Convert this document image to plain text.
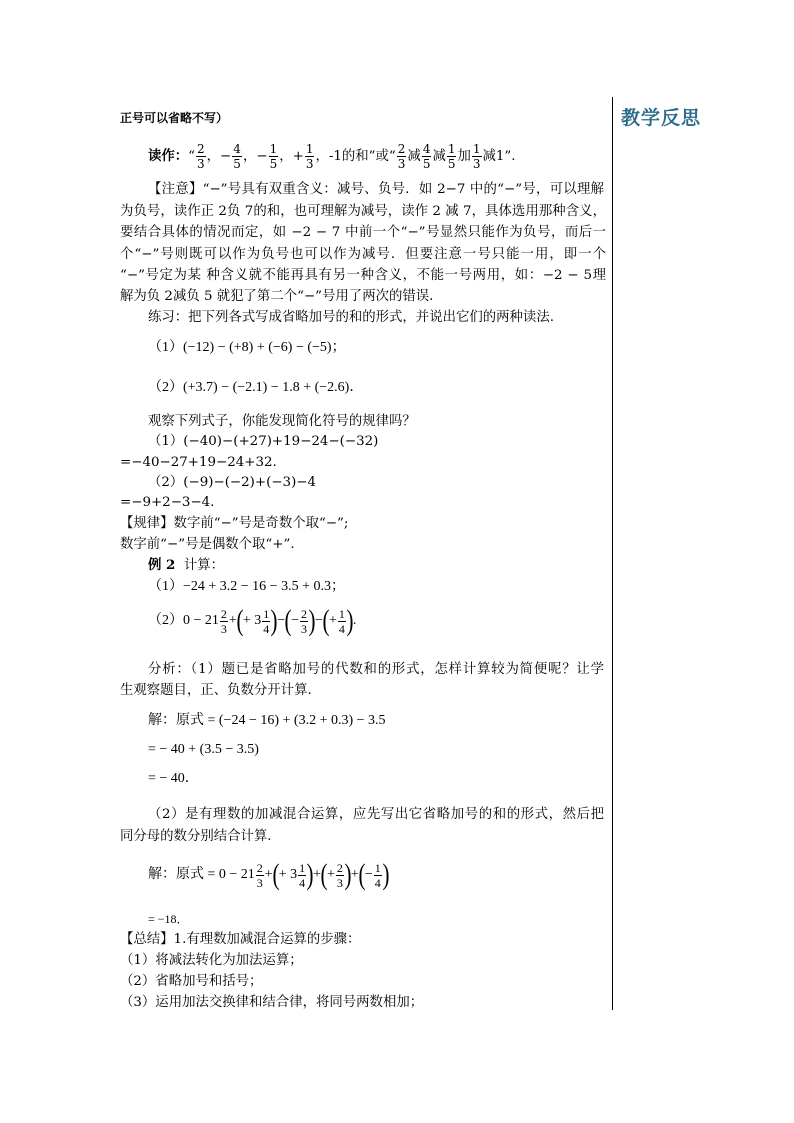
教学反思
正号可以省略不写）
读作：“ $\frac{2}{3}$ ，− $\frac{4}{5}$ ，− $\frac{1}{5}$ ，+ $\frac{1}{3}$ ，-1的和”或“ $\frac{2}{3}$ 减 $\frac{4}{5}$ 减 $\frac{1}{5}$ 加 $\frac{1}{3}$ 减1”.
【注意】“−”号具有双重含义：减号、负号．如 2−7 中的“−”号，可以理解
为负号，读作正 2负 7的和，也可理解为减号，读作 2 减 7，具体选用那种含义，
要结合具体的情况而定，如 −2 − 7 中前一个“−”号显然只能作为负号，而后一
个“−”号则既可以作为负号也可以作为减号．但要注意一号只能一用，即一个
“−”号定为某 种含义就不能再具有另一种含义，不能一号两用，如：−2 − 5理
解为负 2减负 5 就犯了第二个“−”号用了两次的错误.
练习：把下列各式写成省略加号的和的形式，并说出它们的两种读法.
（1）(−12) − (+8) + (−6) − (−5)；
（2）(+3.7) − (−2.1) − 1.8 + (−2.6)．
观察下列式子，你能发现简化符号的规律吗？
（1）(−40)−(+27)+19−24−(−32)
=−40−27+19−24+32.
（2）(−9)−(−2)+(−3)−4
=−9+2−3−4.
【规律】数字前“−”号是奇数个取“−”;
数字前“−”号是偶数个取“+”.
例 2 计算：
（1）−24 + 3.2 − 16 − 3.5 + 0.3；
$(2)0 - 21 \frac{2}{3}$ +(+ $3 \frac{1}{4}$ )−(− $\frac{2}{3}$ )−(+ $\frac{1}{4}$ ).
分析：（1）题已是省略加号的代数和的形式，怎样计算较为简便呢？让学
生观察题目，正、负数分开计算.
解：原式 = (−24 − 16) + (3.2 + 0.3) − 3.5
= − 40 + (3.5 − 3.5)
= − 40．
（2）是有理数的加减混合运算，应先写出它省略加号的和的形式，然后把
同分母的数分别结合计算.
解：原式 = $0 - 21 \frac{2}{3}$ +(+ $3 \frac{1}{4}$ )+(+ $\frac{2}{3}$ )+(− $\frac{1}{4}$ )
= −18．
【总结】1.有理数加减混合运算的步骤：
（1）将减法转化为加法运算；
（2）省略加号和括号；
（3）运用加法交换律和结合律，将同号两数相加；
